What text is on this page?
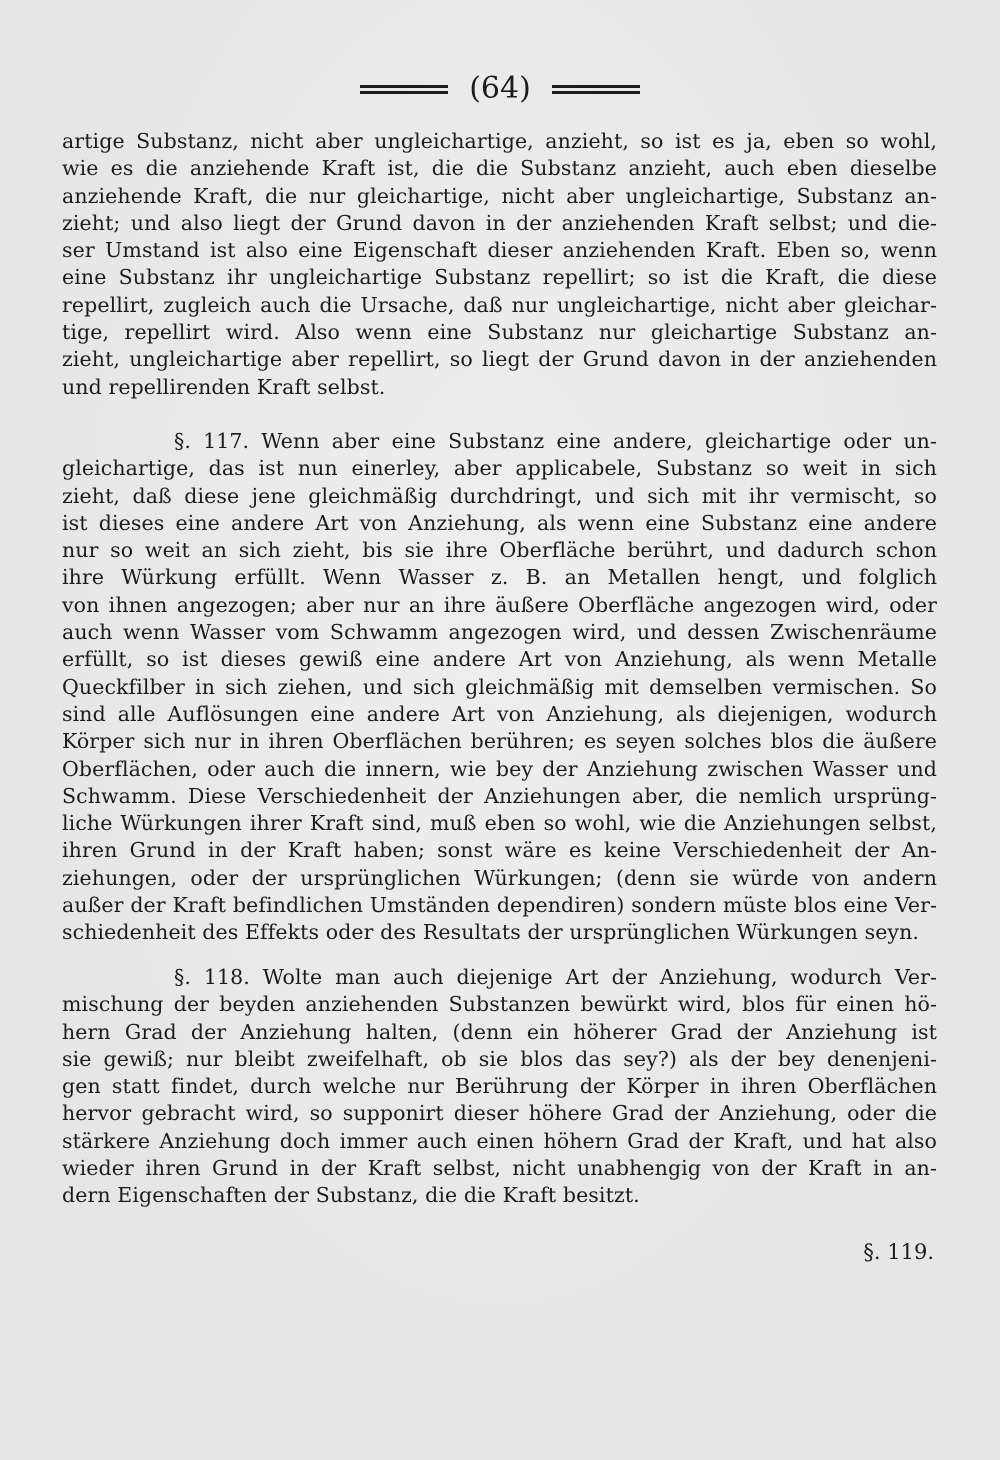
(64)
artige Substanz, nicht aber ungleichartige, anzieht, so ist es ja, eben so wohl,
wie es die anziehende Kraft ist, die die Substanz anzieht, auch eben dieselbe
anziehende Kraft, die nur gleichartige, nicht aber ungleichartige, Substanz an-
zieht; und also liegt der Grund davon in der anziehenden Kraft selbst; und die-
ser Umstand ist also eine Eigenschaft dieser anziehenden Kraft. Eben so, wenn
eine Substanz ihr ungleichartige Substanz repellirt; so ist die Kraft, die diese
repellirt, zugleich auch die Ursache, daß nur ungleichartige, nicht aber gleichar-
tige, repellirt wird. Also wenn eine Substanz nur gleichartige Substanz an-
zieht, ungleichartige aber repellirt, so liegt der Grund davon in der anziehenden
und repellirenden Kraft selbst.
§. 117. Wenn aber eine Substanz eine andere, gleichartige oder un-
gleichartige, das ist nun einerley, aber applicabele, Substanz so weit in sich
zieht, daß diese jene gleichmäßig durchdringt, und sich mit ihr vermischt, so
ist dieses eine andere Art von Anziehung, als wenn eine Substanz eine andere
nur so weit an sich zieht, bis sie ihre Oberfläche berührt, und dadurch schon
ihre Würkung erfüllt. Wenn Wasser z. B. an Metallen hengt, und folglich
von ihnen angezogen; aber nur an ihre äußere Oberfläche angezogen wird, oder
auch wenn Wasser vom Schwamm angezogen wird, und dessen Zwischenräume
erfüllt, so ist dieses gewiß eine andere Art von Anziehung, als wenn Metalle
Queckfilber in sich ziehen, und sich gleichmäßig mit demselben vermischen. So
sind alle Auflösungen eine andere Art von Anziehung, als diejenigen, wodurch
Körper sich nur in ihren Oberflächen berühren; es seyen solches blos die äußere
Oberflächen, oder auch die innern, wie bey der Anziehung zwischen Wasser und
Schwamm. Diese Verschiedenheit der Anziehungen aber, die nemlich ursprüng-
liche Würkungen ihrer Kraft sind, muß eben so wohl, wie die Anziehungen selbst,
ihren Grund in der Kraft haben; sonst wäre es keine Verschiedenheit der An-
ziehungen, oder der ursprünglichen Würkungen; (denn sie würde von andern
außer der Kraft befindlichen Umständen dependiren) sondern müste blos eine Ver-
schiedenheit des Effekts oder des Resultats der ursprünglichen Würkungen seyn.
§. 118. Wolte man auch diejenige Art der Anziehung, wodurch Ver-
mischung der beyden anziehenden Substanzen bewürkt wird, blos für einen hö-
hern Grad der Anziehung halten, (denn ein höherer Grad der Anziehung ist
sie gewiß; nur bleibt zweifelhaft, ob sie blos das sey?) als der bey denenjeni-
gen statt findet, durch welche nur Berührung der Körper in ihren Oberflächen
hervor gebracht wird, so supponirt dieser höhere Grad der Anziehung, oder die
stärkere Anziehung doch immer auch einen höhern Grad der Kraft, und hat also
wieder ihren Grund in der Kraft selbst, nicht unabhengig von der Kraft in an-
dern Eigenschaften der Substanz, die die Kraft besitzt.
§. 119.
